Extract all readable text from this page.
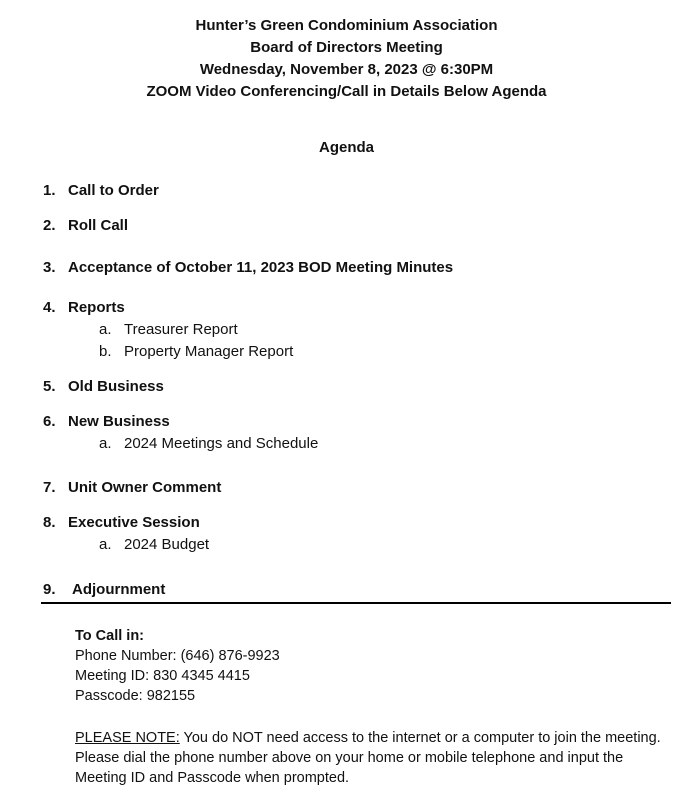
Hunter’s Green Condominium Association
Board of Directors Meeting
Wednesday, November 8, 2023 @ 6:30PM
ZOOM Video Conferencing/Call in Details Below Agenda
Agenda
1. Call to Order
2. Roll Call
3. Acceptance of October 11, 2023 BOD Meeting Minutes
4. Reports
a. Treasurer Report
b. Property Manager Report
5. Old Business
6. New Business
a. 2024 Meetings and Schedule
7. Unit Owner Comment
8. Executive Session
a. 2024 Budget
9. Adjournment
To Call in:
Phone Number: (646) 876-9923
Meeting ID: 830 4345 4415
Passcode: 982155
PLEASE NOTE: You do NOT need access to the internet or a computer to join the meeting. Please dial the phone number above on your home or mobile telephone and input the Meeting ID and Passcode when prompted.
